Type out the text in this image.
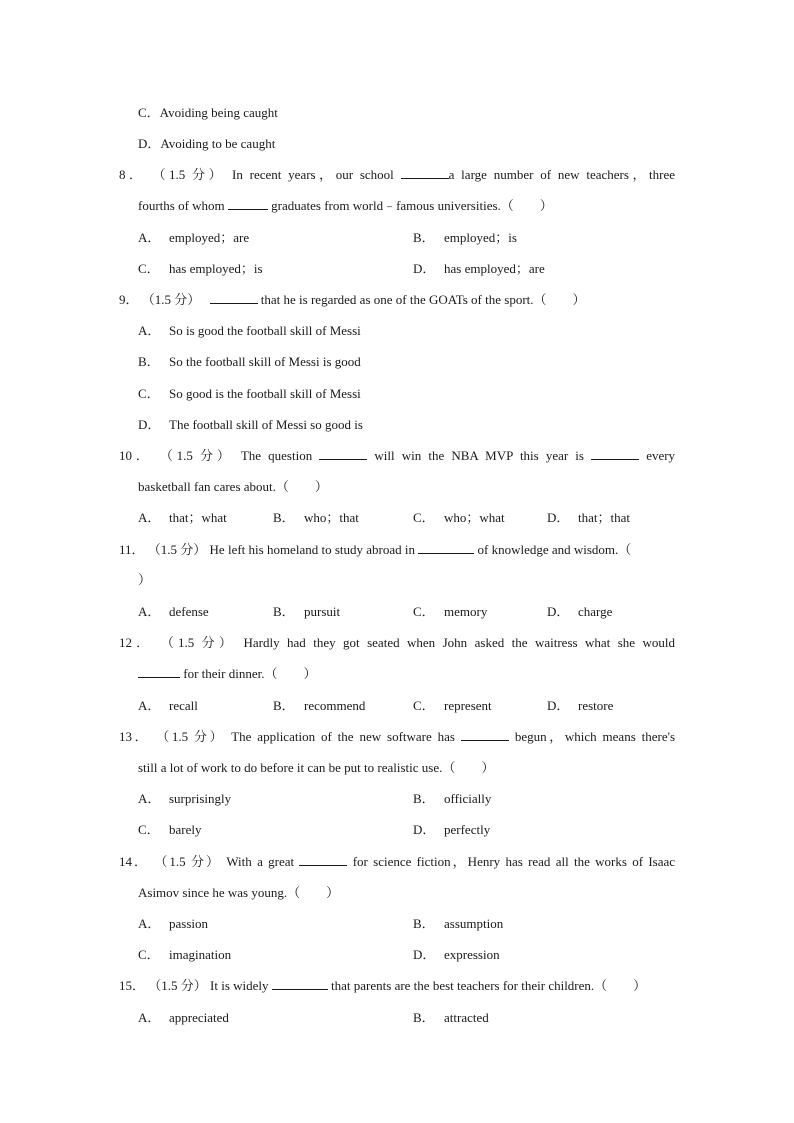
C．Avoiding being caught
D．Avoiding to be caught
8． （1.5 分） In recent years，our school	a large number of new teachers，three
fourths of whom	graduates from world﹣famous universities.（　　）
A． employed；are	B． employed；is
C． has employed；is	D． has employed；are
9． （1.5 分）	that he is regarded as one of the GOATs of the sport.（　　）
A． So is good the football skill of Messi
B． So the football skill of Messi is good
C． So good is the football skill of Messi
D． The football skill of Messi so good is
10． （1.5 分） The question	will win the NBA MVP this year is	every
basketball fan cares about.（　　）
A． that；what	B． who；that	C． who；what	D． that；that
11． （1.5 分） He left his homeland to study abroad in	of knowledge and wisdom.（
）
A． defense	B． pursuit	C． memory	D． charge
12． （1.5 分） Hardly had they got seated when John asked the waitress what she would
for their dinner.（　　）
A． recall	B． recommend	C． represent	D． restore
13． （1.5 分） The application of the new software has	begun，which means there's
still a lot of work to do before it can be put to realistic use.（　　）
A． surprisingly	B． officially
C． barely	D． perfectly
14． （1.5 分） With a great	for science fiction，Henry has read all the works of Isaac
Asimov since he was young.（　　）
A． passion	B． assumption
C． imagination	D． expression
15． （1.5 分） It is widely	that parents are the best teachers for their children.（　　）
A． appreciated	B． attracted
